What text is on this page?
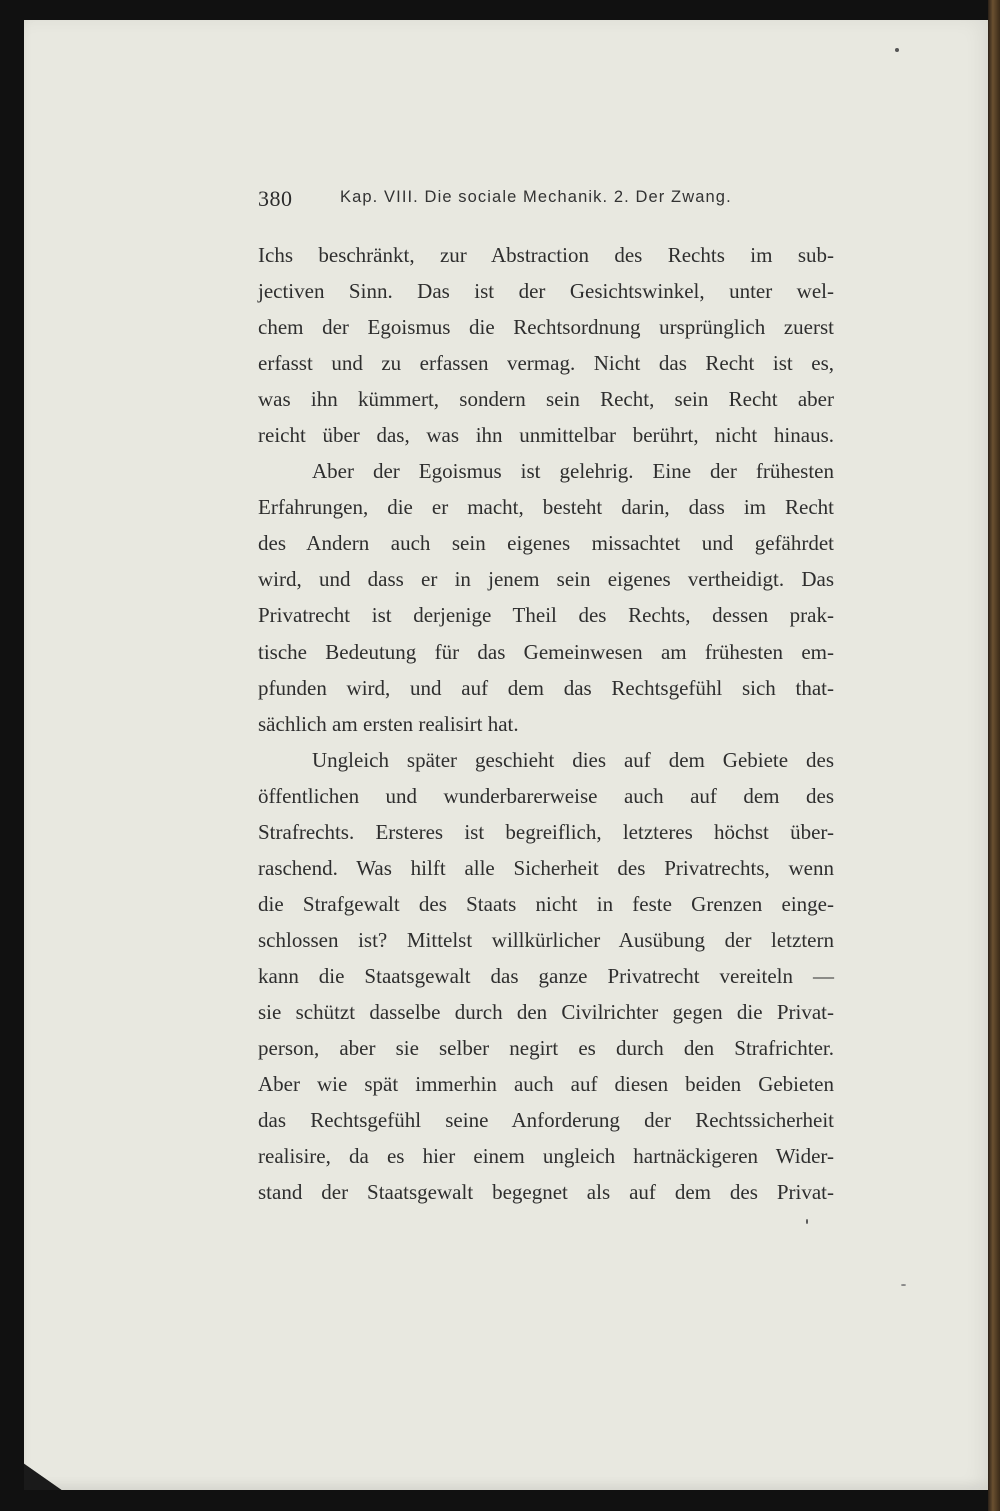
380	Kap. VIII. Die sociale Mechanik. 2. Der Zwang.
Ichs beschränkt, zur Abstraction des Rechts im sub-
jectiven Sinn. Das ist der Gesichtswinkel, unter wel-
chem der Egoismus die Rechtsordnung ursprünglich zuerst
erfasst und zu erfassen vermag. Nicht das Recht ist es,
was ihn kümmert, sondern sein Recht, sein Recht aber
reicht über das, was ihn unmittelbar berührt, nicht hinaus.
Aber der Egoismus ist gelehrig. Eine der frühesten
Erfahrungen, die er macht, besteht darin, dass im Recht
des Andern auch sein eigenes missachtet und gefährdet
wird, und dass er in jenem sein eigenes vertheidigt. Das
Privatrecht ist derjenige Theil des Rechts, dessen prak-
tische Bedeutung für das Gemeinwesen am frühesten em-
pfunden wird, und auf dem das Rechtsgefühl sich that-
sächlich am ersten realisirt hat.
Ungleich später geschieht dies auf dem Gebiete des
öffentlichen und wunderbarerweise auch auf dem des
Strafrechts. Ersteres ist begreiflich, letzteres höchst über-
raschend. Was hilft alle Sicherheit des Privatrechts, wenn
die Strafgewalt des Staats nicht in feste Grenzen einge-
schlossen ist? Mittelst willkürlicher Ausübung der letztern
kann die Staatsgewalt das ganze Privatrecht vereiteln —
sie schützt dasselbe durch den Civilrichter gegen die Privat-
person, aber sie selber negirt es durch den Strafrichter.
Aber wie spät immerhin auch auf diesen beiden Gebieten
das Rechtsgefühl seine Anforderung der Rechtssicherheit
realisire, da es hier einem ungleich hartnäckigeren Wider-
stand der Staatsgewalt begegnet als auf dem des Privat-
